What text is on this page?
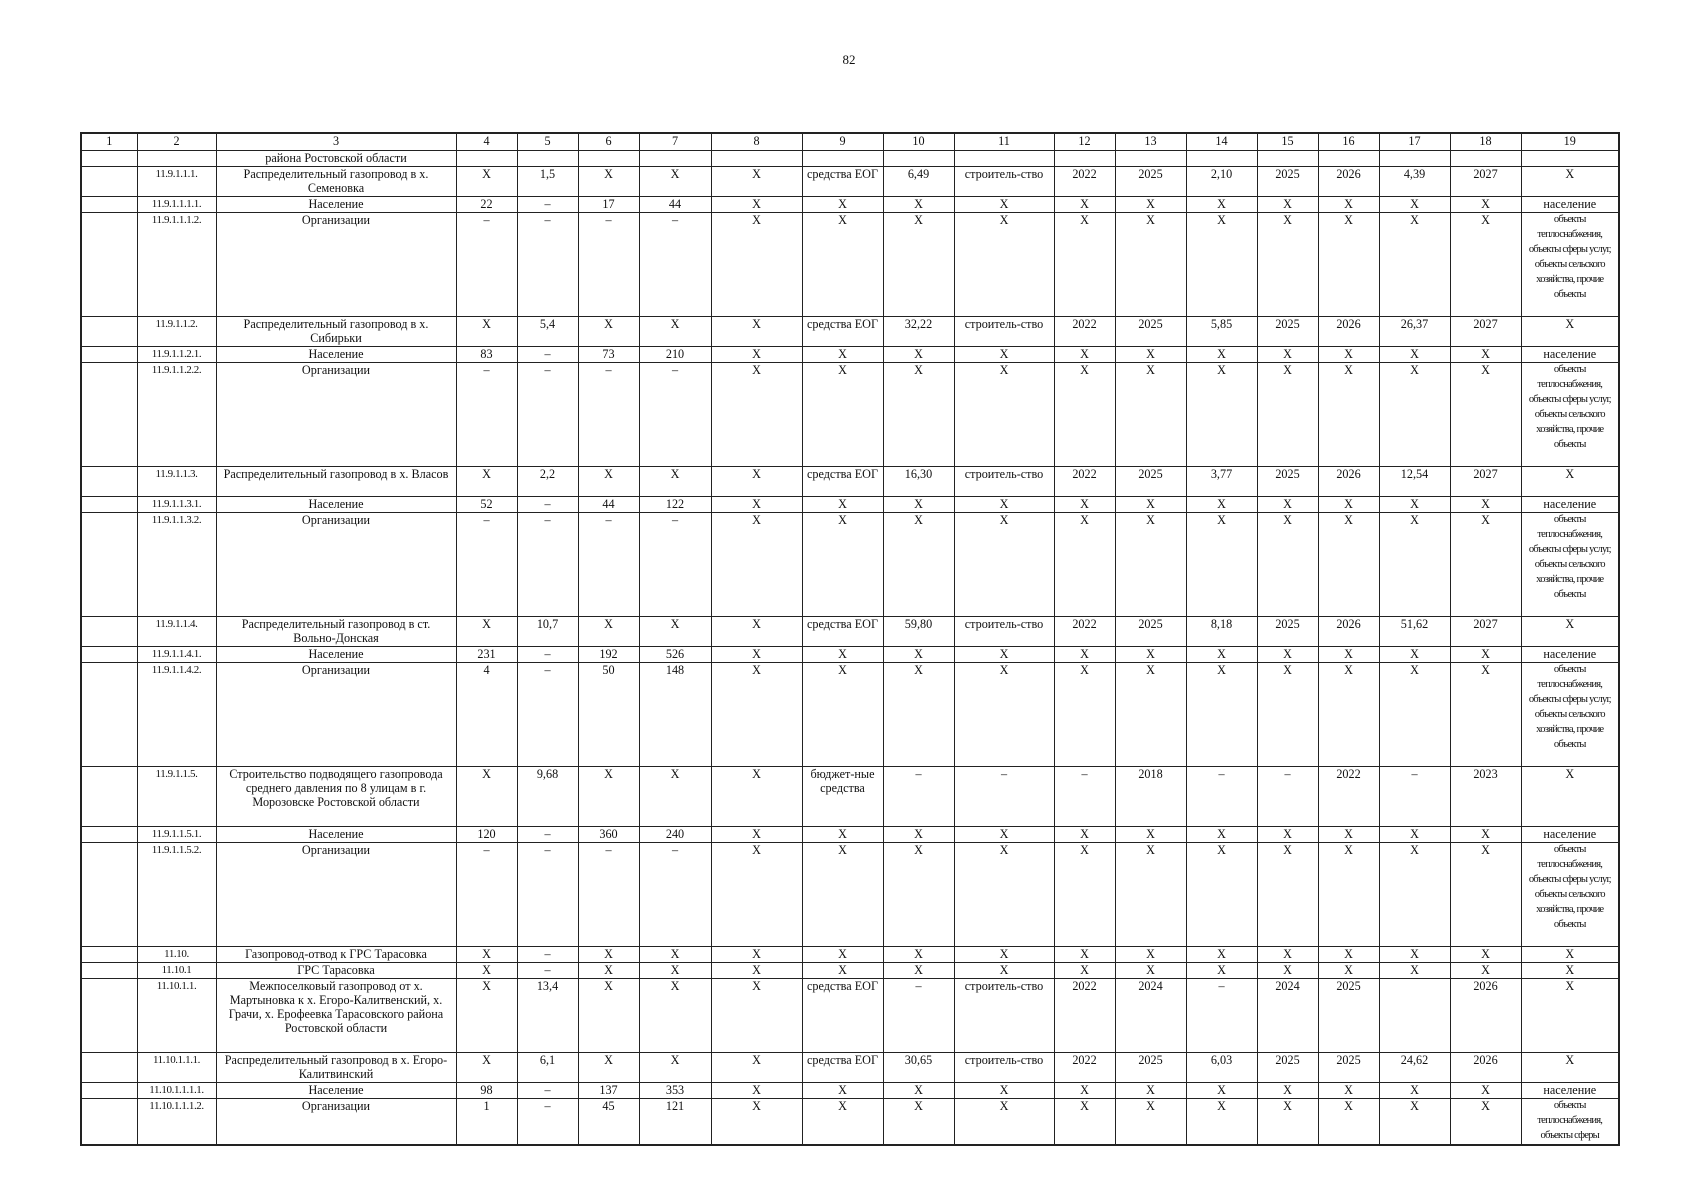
82
1	2	3	4	5	6	7	8	9	10	11	12	13	14	15	16	17	18	19
		района Ростовской области																
	11.9.1.1.1.	Распределительный газопровод в х. Семеновка	Х	1,5	Х	Х	Х	средства ЕОГ	6,49	строитель-ство	2022	2025	2,10	2025	2026	4,39	2027	Х
	11.9.1.1.1.1.	Население	22	–	17	44	Х	Х	Х	Х	Х	Х	Х	Х	Х	Х	Х	население
	11.9.1.1.1.2.	Организации	–	–	–	–	Х	Х	Х	Х	Х	Х	Х	Х	Х	Х	Х	объекты теплоснабжения, объекты сферы услуг, объекты сельского хозяйства, прочие объекты
	11.9.1.1.2.	Распределительный газопровод в х. Сибирьки	Х	5,4	Х	Х	Х	средства ЕОГ	32,22	строитель-ство	2022	2025	5,85	2025	2026	26,37	2027	Х
	11.9.1.1.2.1.	Население	83	–	73	210	Х	Х	Х	Х	Х	Х	Х	Х	Х	Х	Х	население
	11.9.1.1.2.2.	Организации	–	–	–	–	Х	Х	Х	Х	Х	Х	Х	Х	Х	Х	Х	объекты теплоснабжения, объекты сферы услуг, объекты сельского хозяйства, прочие объекты
	11.9.1.1.3.	Распределительный газопровод в х. Власов	Х	2,2	Х	Х	Х	средства ЕОГ	16,30	строитель-ство	2022	2025	3,77	2025	2026	12,54	2027	Х
	11.9.1.1.3.1.	Население	52	–	44	122	Х	Х	Х	Х	Х	Х	Х	Х	Х	Х	Х	население
	11.9.1.1.3.2.	Организации	–	–	–	–	Х	Х	Х	Х	Х	Х	Х	Х	Х	Х	Х	объекты теплоснабжения, объекты сферы услуг, объекты сельского хозяйства, прочие объекты
	11.9.1.1.4.	Распределительный газопровод в ст. Вольно-Донская	Х	10,7	Х	Х	Х	средства ЕОГ	59,80	строитель-ство	2022	2025	8,18	2025	2026	51,62	2027	Х
	11.9.1.1.4.1.	Население	231	–	192	526	Х	Х	Х	Х	Х	Х	Х	Х	Х	Х	Х	население
	11.9.1.1.4.2.	Организации	4	–	50	148	Х	Х	Х	Х	Х	Х	Х	Х	Х	Х	Х	объекты теплоснабжения, объекты сферы услуг, объекты сельского хозяйства, прочие объекты
	11.9.1.1.5.	Строительство подводящего газопровода среднего давления по 8 улицам в г. Морозовске Ростовской области	Х	9,68	Х	Х	Х	бюджет-ные средства	–	–	–	2018	–	–	2022	–	2023	Х
	11.9.1.1.5.1.	Население	120	–	360	240	Х	Х	Х	Х	Х	Х	Х	Х	Х	Х	Х	население
	11.9.1.1.5.2.	Организации	–	–	–	–	Х	Х	Х	Х	Х	Х	Х	Х	Х	Х	Х	объекты теплоснабжения, объекты сферы услуг, объекты сельского хозяйства, прочие объекты
	11.10.	Газопровод-отвод к ГРС Тарасовка	Х	–	Х	Х	Х	Х	Х	Х	Х	Х	Х	Х	Х	Х	Х	Х
	11.10.1	ГРС Тарасовка	Х	–	Х	Х	Х	Х	Х	Х	Х	Х	Х	Х	Х	Х	Х	Х
	11.10.1.1.	Межпоселковый газопровод от х. Мартыновка к х. Егоро-Калитвенский, х. Грачи, х. Ерофеевка Тарасовского района Ростовской области	Х	13,4	Х	Х	Х	средства ЕОГ	–	строитель-ство	2022	2024	–	2024	2025		2026	Х
	11.10.1.1.1.	Распределительный газопровод в х. Егоро-Калитвинский	Х	6,1	Х	Х	Х	средства ЕОГ	30,65	строитель-ство	2022	2025	6,03	2025	2025	24,62	2026	Х
	11.10.1.1.1.1.	Население	98	–	137	353	Х	Х	Х	Х	Х	Х	Х	Х	Х	Х	Х	население
	11.10.1.1.1.2.	Организации	1	–	45	121	Х	Х	Х	Х	Х	Х	Х	Х	Х	Х	Х	объекты теплоснабжения, объекты сферы
